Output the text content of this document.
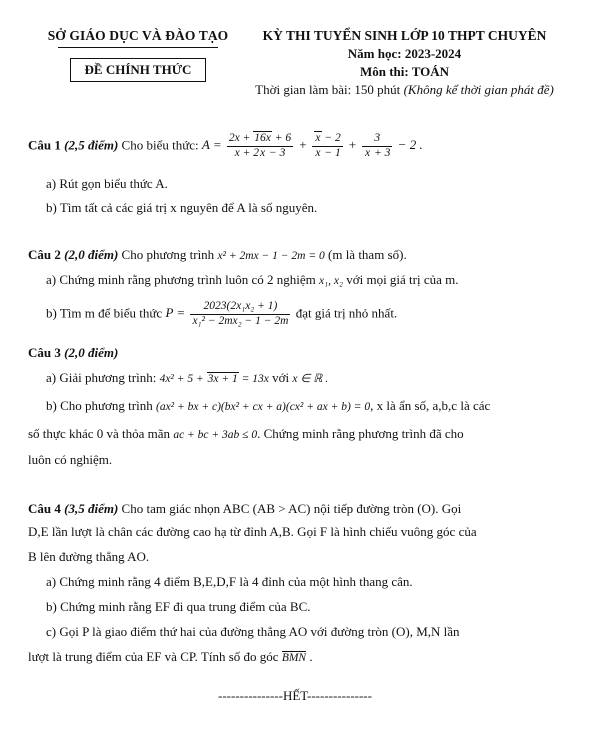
SỞ GIÁO DỤC VÀ ĐÀO TẠO
ĐỀ CHÍNH THỨC
KỲ THI TUYỂN SINH LỚP 10 THPT CHUYÊN
Năm học: 2023-2024
Môn thi: TOÁN
Thời gian làm bài: 150 phút (Không kể thời gian phát đề)
Câu 1 (2,5 điểm) Cho biểu thức: $A = \frac{2x + 16x + 6}{x + 2x - 3} + \frac{x - 2}{x - 1} + \frac{3}{x + 3} - 2$ .
a) Rút gọn biểu thức A.
b) Tìm tất cả các giá trị x nguyên để A là số nguyên.
Câu 2 (2,0 điểm) Cho phương trình x² + 2mx − 1 − 2m = 0 (m là tham số).
a) Chứng minh rằng phương trình luôn có 2 nghiệm x₁, x₂ với mọi giá trị của m.
b) Tìm m để biểu thức $P = \frac{\text{2023(2x₁x₂ + 1)}}{\text{x₁² − 2mx₂ − 1 − 2m}}$ đạt giá trị nhỏ nhất.
Câu 3 (2,0 điểm)
a) Giải phương trình: 4x² + 5 + 3x + 1 = 13x với x ∈ ℝ .
b) Cho phương trình (ax² + bx + c)(bx² + cx + a)(cx² + ax + b) = 0, x là ẩn số, a,b,c là các
số thực khác 0 và thỏa mãn ac + bc + 3ab ≤ 0. Chứng minh rằng phương trình đã cho
luôn có nghiệm.
Câu 4 (3,5 điểm) Cho tam giác nhọn ABC (AB > AC) nội tiếp đường tròn (O). Gọi
D,E lần lượt là chân các đường cao hạ từ đỉnh A,B. Gọi F là hình chiếu vuông góc của
B lên đường thẳng AO.
a) Chứng minh rằng 4 điểm B,E,D,F là 4 đỉnh của một hình thang cân.
b) Chứng minh rằng EF đi qua trung điểm của BC.
c) Gọi P là giao điểm thứ hai của đường thẳng AO với đường tròn (O), M,N lần
lượt là trung điểm của EF và CP. Tính số đo góc BMN .
---------------HẾT---------------
